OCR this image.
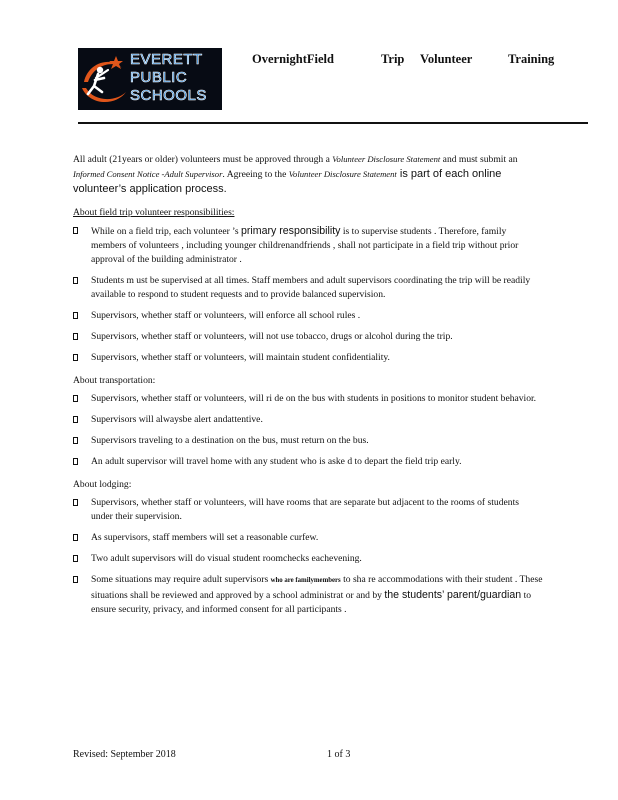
EVERETT
PUBLIC
SCHOOLS
OvernightField	Trip Volunteer	Training

All adult (21years or older) volunteers must be approved through a Volunteer Disclosure Statement and must submit an Informed Consent Notice -Adult Supervisor. Agreeing to the Volunteer Disclosure Statement is part of each online volunteer’s application process.

About field trip volunteer responsibilities:
While on a field trip, each volunteer ’s primary responsibility is to supervise students . Therefore, family members of volunteers , including younger childrenandfriends , shall not participate in a field trip without prior approval of the building administrator .
Students m ust be supervised at all times. Staff members and adult supervisors coordinating the trip will be readily available to respond to student requests and to provide balanced supervision.
Supervisors, whether staff or volunteers, will enforce all school rules .
Supervisors, whether staff or volunteers, will not use tobacco, drugs or alcohol during the trip.
Supervisors, whether staff or volunteers, will maintain student confidentiality.
About transportation:
Supervisors, whether staff or volunteers, will ri de on the bus with students in positions to monitor student behavior.
Supervisors will alwaysbe alert andattentive.
Supervisors traveling to a destination on the bus, must return on the bus.
An adult supervisor will travel home with any student who is aske d to depart the field trip early.
About lodging:
Supervisors, whether staff or volunteers, will have rooms that are separate but adjacent to the rooms of students under their supervision.
As supervisors, staff members will set a reasonable curfew.
Two adult supervisors will do visual student roomchecks eachevening.
Some situations may require adult supervisors who are familymembers to sha re accommodations with their student . These situations shall be reviewed and approved by a school administrat or and by the students’ parent/guardian to ensure security, privacy, and informed consent for all participants .
Revised: September 2018	1 of 3
